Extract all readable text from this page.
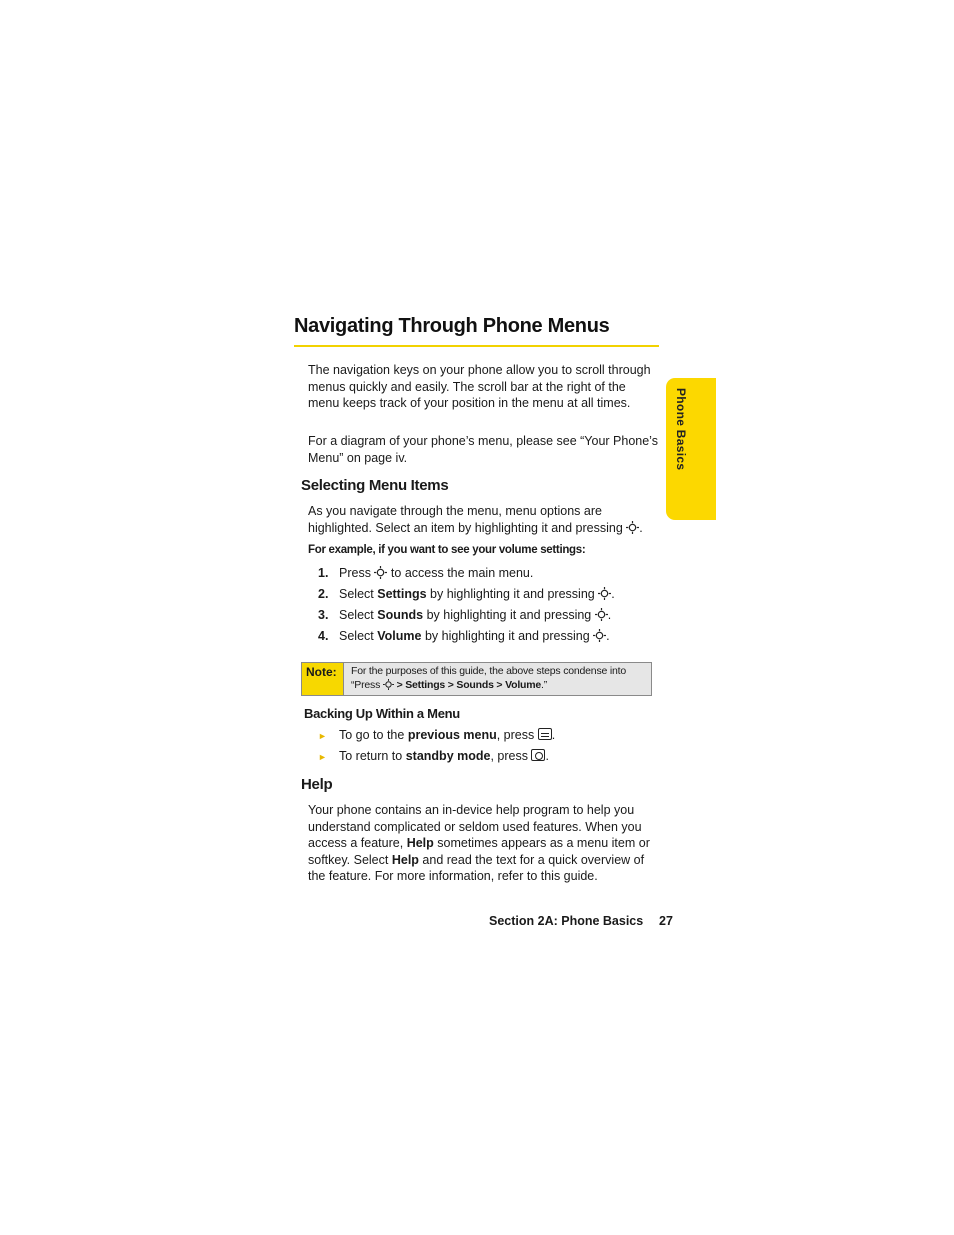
Navigating Through Phone Menus

The navigation keys on your phone allow you to scroll through menus quickly and easily. The scroll bar at the right of the menu keeps track of your position in the menu at all times.

For a diagram of your phone’s menu, please see “Your Phone’s Menu” on page iv.

Selecting Menu Items

As you navigate through the menu, menu options are highlighted. Select an item by highlighting it and pressing .

For example, if you want to see your volume settings:

1. Press to access the main menu.
2. Select Settings by highlighting it and pressing .
3. Select Sounds by highlighting it and pressing .
4. Select Volume by highlighting it and pressing .
Note:	For the purposes of this guide, the above steps condense into
“Press > Settings > Sounds > Volume.”
Backing Up Within a Menu
► To go to the previous menu, press .
► To return to standby mode, press .
Help
Your phone contains an in-device help program to help you
understand complicated or seldom used features. When you
access a feature, Help sometimes appears as a menu item or
softkey. Select Help and read the text for a quick overview of
the feature. For more information, refer to this guide.
Phone Basics
Section 2A: Phone Basics 27
